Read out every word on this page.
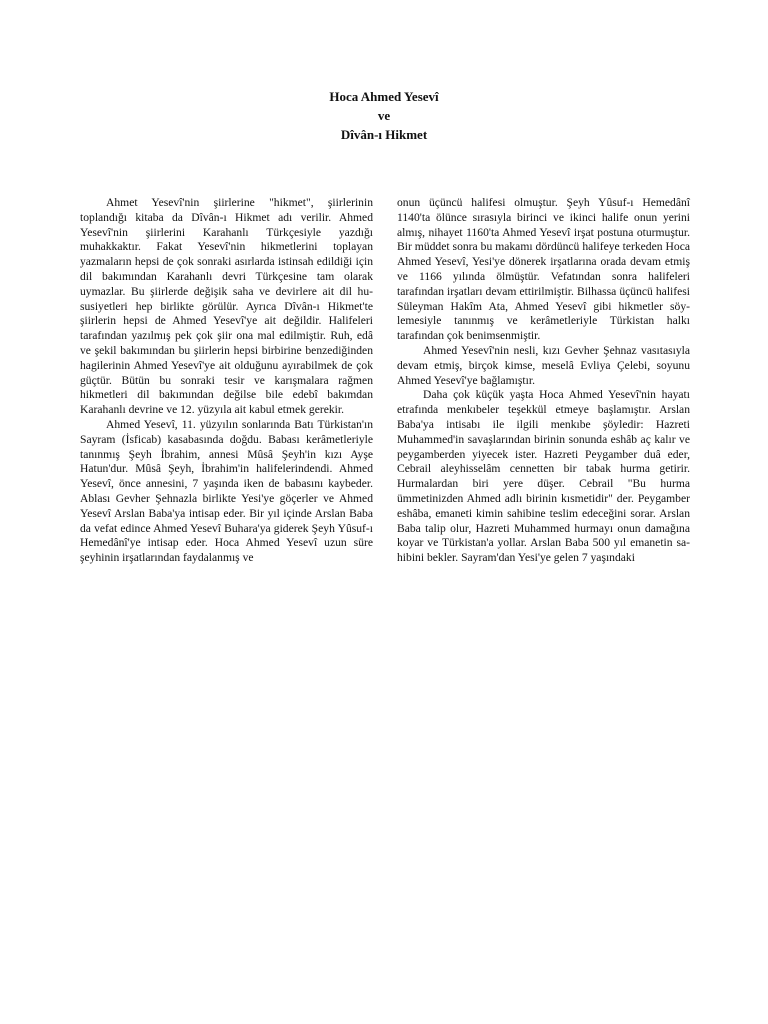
Hoca Ahmed Yesevî
ve
Dîvân-ı Hikmet

Ahmet Yesevî'nin şiirlerine "hikmet", şiirlerinin toplandığı kitaba da Dîvân-ı Hikmet adı verilir. Ahmed Yesevî'nin şiirlerini Karahanlı Türkçesiyle yazdığı muhakkaktır. Fakat Yesevî'nin hikmetlerini toplayan yazmaların hepsi de çok sonraki asırlarda istinsah edildiği için dil bakımından Karahanlı devri Türkçesine tam olarak uymazlar. Bu şiirlerde değişik saha ve devirlere ait dil hususiyetleri hep birlikte görülür. Ayrıca Dîvân-ı Hikmet'te şiirlerin hepsi de Ahmed Yesevî'ye ait değildir. Halifeleri tarafından yazılmış pek çok şiir ona mal edilmiştir. Ruh, edâ ve şekil bakımından bu şiirlerin hepsi birbirine benzediğinden hagilerinin Ahmed Yesevî'ye ait olduğunu ayırabilmek de çok güçtür. Bütün bu sonraki tesir ve karışmalara rağmen hikmetleri dil bakımından değilse bile edebî bakımdan Karahanlı devrine ve 12. yüzyıla ait kabul etmek gerekir.

Ahmed Yesevî, 11. yüzyılın sonlarında Batı Türkistan'ın Sayram (İsficab) kasabasında doğdu. Babası kerâmetleriyle tanınmış Şeyh İbrahim, annesi Mûsâ Şeyh'in kızı Ayşe Hatun'dur. Mûsâ Şeyh, İbrahim'in halifelerindendi. Ahmed Yesevî, önce annesini, 7 yaşında iken de babasını kaybeder. Ablası Gevher Şehnazla birlikte Yesi'ye göçerler ve Ahmed Yesevî Arslan Baba'ya intisap eder. Bir yıl içinde Arslan Baba da vefat edince Ahmed Yesevî Buhara'ya giderek Şeyh Yûsuf-ı Hemedânî'ye intisap eder. Hoca Ahmed Yesevî uzun süre şeyhinin irşatlarından faydalanmış ve

onun üçüncü halifesi olmuştur. Şeyh Yûsuf-ı Hemedânî 1140'ta ölünce sırasıyla birinci ve ikinci halife onun yerini almış, nihayet 1160'ta Ahmed Yesevî irşat postuna oturmuştur. Bir müddet sonra bu makamı dördüncü halifeye terkeden Hoca Ahmed Yesevî, Yesi'ye dönerek irşatlarına orada devam etmiş ve 1166 yılında ölmüştür. Vefatından sonra halifeleri tarafından irşatları devam ettirilmiştir. Bilhassa üçüncü halifesi Süleyman Hakîm Ata, Ahmed Yesevî gibi hikmetler söylemesiyle tanınmış ve kerâmetleriyle Türkistan halkı tarafından çok benimsenmiştir.

Ahmed Yesevî'nin nesli, kızı Gevher Şehnaz vasıtasıyla devam etmiş, birçok kimse, meselâ Evliya Çelebi, soyunu Ahmed Yesevî'ye bağlamıştır.

Daha çok küçük yaşta Hoca Ahmed Yesevî'nin hayatı etrafında menkıbeler teşekkül etmeye başlamıştır. Arslan Baba'ya intisabı ile ilgili menkıbe şöyledir: Hazreti Muhammed'in savaşlarından birinin sonunda eshâb aç kalır ve peygamberden yiyecek ister. Hazreti Peygamber duâ eder, Cebrail aleyhisselâm cennetten bir tabak hurma getirir. Hurmalardan biri yere düşer. Cebrail "Bu hurma ümmetinizden Ahmed adlı birinin kısmetidir" der. Peygamber eshâba, emaneti kimin sahibine teslim edeceğini sorar. Arslan Baba talip olur, Hazreti Muhammed hurmayı onun damağına koyar ve Türkistan'a yollar. Arslan Baba 500 yıl emanetin sahibini bekler. Sayram'dan Yesi'ye gelen 7 yaşındaki
